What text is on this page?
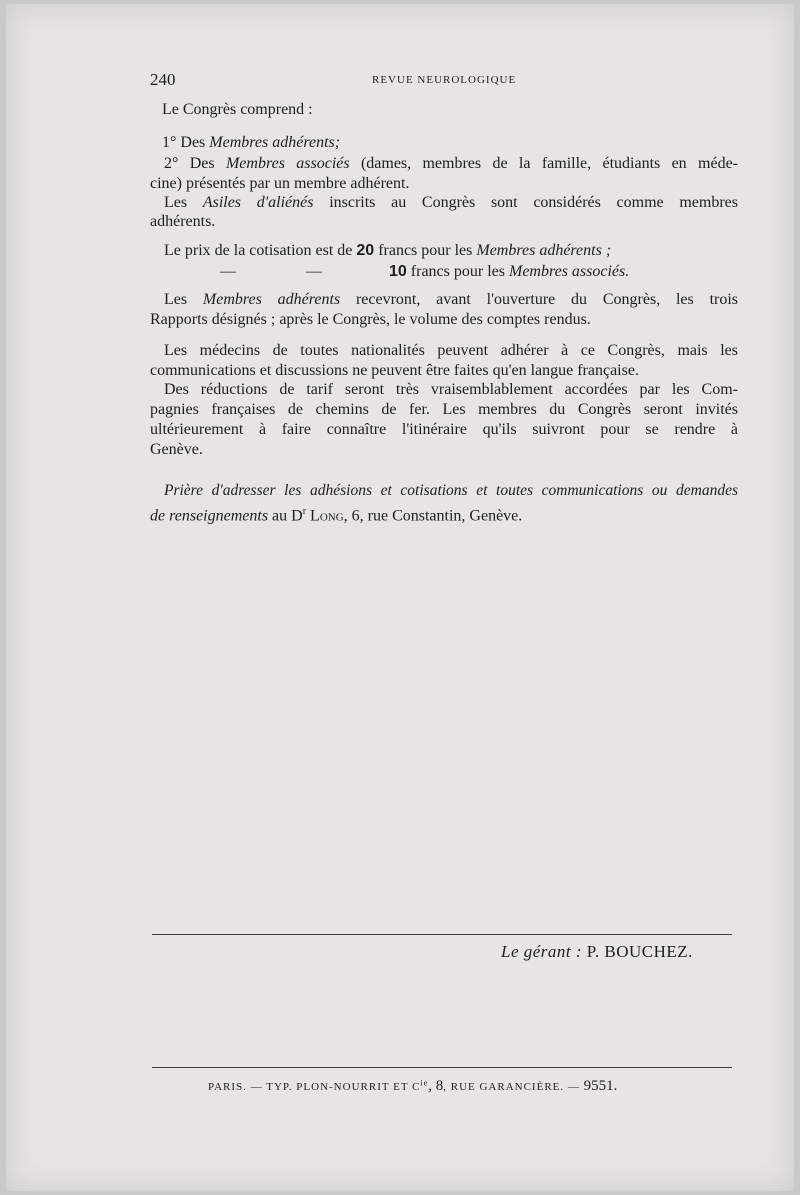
240	REVUE NEUROLOGIQUE
Le Congrès comprend :
1° Des Membres adhérents;
2° Des Membres associés (dames, membres de la famille, étudiants en méde-
cine) présentés par un membre adhérent.
Les Asiles d'aliénés inscrits au Congrès sont considérés comme membres
adhérents.
Le prix de la cotisation est de 20 francs pour les Membres adhérents ;
—	—	10 francs pour les Membres associés.
Les Membres adhérents recevront, avant l'ouverture du Congrès, les trois
Rapports désignés ; après le Congrès, le volume des comptes rendus.
Les médecins de toutes nationalités peuvent adhérer à ce Congrès, mais les
communications et discussions ne peuvent être faites qu'en langue française.
Des réductions de tarif seront très vraisemblablement accordées par les Com-
pagnies françaises de chemins de fer. Les membres du Congrès seront invités
ultérieurement à faire connaître l'itinéraire qu'ils suivront pour se rendre à
Genève.
Prière d'adresser les adhésions et cotisations et toutes communications ou demandes
de renseignements au $D^r$ Long, 6, rue Constantin, Genève.
Le gérant : P. BOUCHEZ.
PARIS. — TYP. PLON-NOURRIT ET $C^{ie}$, 8, RUE GARANCIÈRE. — 9551.
